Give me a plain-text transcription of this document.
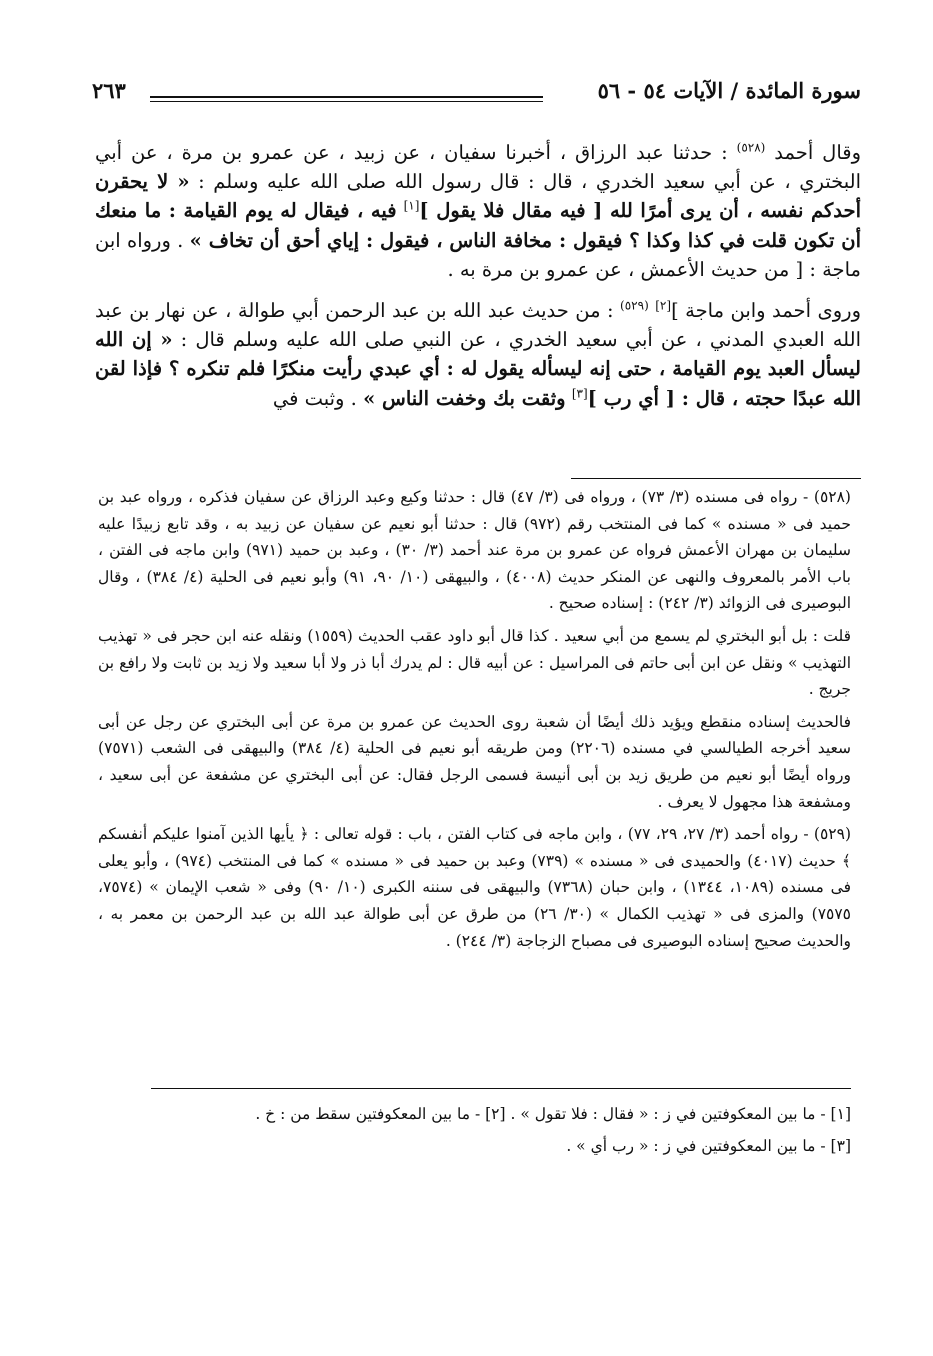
سورة المائدة / الآيات ٥٤ - ٥٦
٢٦٣

وقال أحمد $^{(٥٢٨)}$ : حدثنا عبد الرزاق ، أخبرنا سفيان ، عن زبيد ، عن عمرو بن مرة ، عن أبي البختري ، عن أبي سعيد الخدري ، قال : قال رسول الله صلى الله عليه وسلم : « لا يحقرن أحدكم نفسه ، أن يرى أمرًا لله [ فيه مقال فلا يقول ][١] فيه ، فيقال له يوم القيامة : ما منعك أن تكون قلت في كذا وكذا ؟ فيقول : مخافة الناس ، فيقول : إياي أحق أن تخاف » . ورواه ابن ماجة : [ من حديث الأعمش ، عن عمرو بن مرة به .

وروى أحمد وابن ماجة ][٢] $^{(٥٢٩)}$ : من حديث عبد الله بن عبد الرحمن أبي طوالة ، عن نهار بن عبد الله العبدي المدني ، عن أبي سعيد الخدري ، عن النبي صلى الله عليه وسلم قال : « إن الله ليسأل العبد يوم القيامة ، حتى إنه ليسأله يقول له : أي عبدي رأيت منكرًا فلم تنكره ؟ فإذا لقن الله عبدًا حجته ، قال : [ أي رب ][٣] وثقت بك وخفت الناس » . وثبت في

(٥٢٨) - رواه فى مسنده (٣/ ٧٣) ، ورواه فى (٣/ ٤٧) قال : حدثنا وكيع وعبد الرزاق عن سفيان فذكره ، ورواه عبد بن حميد فى « مسنده » كما فى المنتخب رقم (٩٧٢) قال : حدثنا أبو نعيم عن سفيان عن زبيد به ، وقد تابع زبيدًا عليه سليمان بن مهران الأعمش فرواه عن عمرو بن مرة عند أحمد (٣/ ٣٠) ، وعبد بن حميد (٩٧١) وابن ماجه فى الفتن ، باب الأمر بالمعروف والنهى عن المنكر حديث (٤٠٠٨) ، والبيهقى (١٠/ ٩٠، ٩١) وأبو نعيم فى الحلية (٤/ ٣٨٤) ، وقال البوصيرى فى الزوائد (٣/ ٢٤٢) : إسناده صحيح .

قلت : بل أبو البختري لم يسمع من أبي سعيد . كذا قال أبو داود عقب الحديث (١٥٥٩) ونقله عنه ابن حجر فى « تهذيب التهذيب » ونقل عن ابن أبى حاتم فى المراسيل : عن أبيه قال : لم يدرك أبا ذر ولا أبا سعيد ولا زيد بن ثابت ولا رافع بن جريج .

فالحديث إسناده منقطع ويؤيد ذلك أيضًا أن شعبة روى الحديث عن عمرو بن مرة عن أبى البختري عن رجل عن أبى سعيد أخرجه الطيالسي في مسنده (٢٢٠٦) ومن طريقه أبو نعيم فى الحلية (٤/ ٣٨٤) والبيهقى فى الشعب (٧٥٧١) ورواه أيضًا أبو نعيم من طريق زيد بن أبى أنيسة فسمى الرجل فقال: عن أبى البختري عن مشفعة عن أبى سعيد ، ومشفعة هذا مجهول لا يعرف .

(٥٢٩) - رواه أحمد (٣/ ٢٧، ٢٩، ٧٧) ، وابن ماجه فى كتاب الفتن ، باب : قوله تعالى : ﴿ يأيها الذين آمنوا عليكم أنفسكم ﴾ حديث (٤٠١٧) والحميدى فى « مسنده » (٧٣٩) وعبد بن حميد فى « مسنده » كما فى المنتخب (٩٧٤) ، وأبو يعلى فى مسنده (١٠٨٩، ١٣٤٤) ، وابن حبان (٧٣٦٨) والبيهقى فى سننه الكبرى (١٠/ ٩٠) وفى « شعب الإيمان » (٧٥٧٤، ٧٥٧٥) والمزى فى « تهذيب الكمال » (٣٠/ ٢٦) من طرق عن أبى طوالة عبد الله بن عبد الرحمن بن معمر به ، والحديث صحيح إسناده البوصيرى فى مصباح الزجاجة (٣/ ٢٤٤) .

[١] - ما بين المعكوفتين في ز : « فقال : فلا تقول » . [٢] - ما بين المعكوفتين سقط من : خ .

[٣] - ما بين المعكوفتين في ز : « رب أي » .
